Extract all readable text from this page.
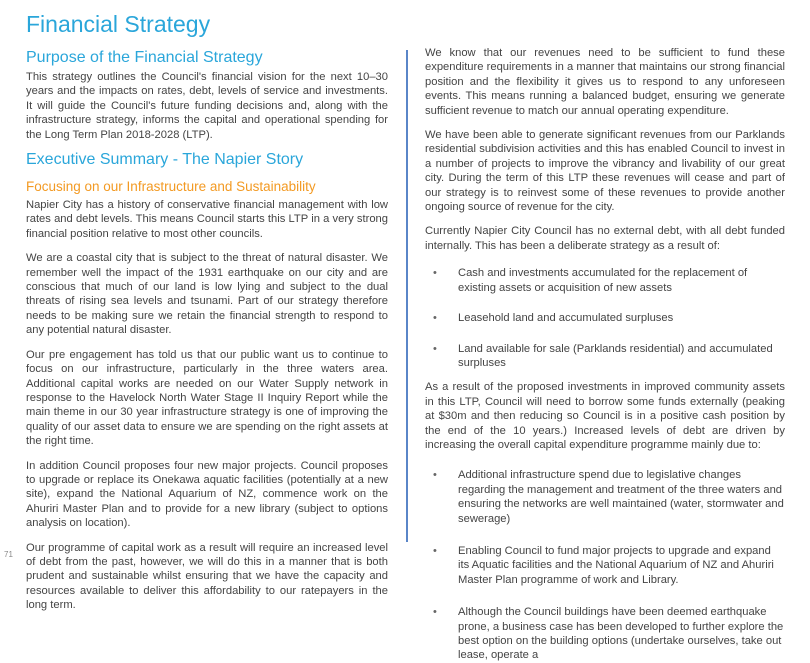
Financial Strategy
Purpose of the Financial Strategy

This strategy outlines the Council's financial vision for the next 10–30 years and the impacts on rates, debt, levels of service and investments. It will guide the Council's future funding decisions and, along with the infrastructure strategy, informs the capital and operational spending for the Long Term Plan 2018-2028 (LTP).

Executive Summary - The Napier Story
Focusing on our Infrastructure and Sustainability

Napier City has a history of conservative financial management with low rates and debt levels. This means Council starts this LTP in a very strong financial position relative to most other councils.

We are a coastal city that is subject to the threat of natural disaster. We remember well the impact of the 1931 earthquake on our city and are conscious that much of our land is low lying and subject to the dual threats of rising sea levels and tsunami. Part of our strategy therefore needs to be making sure we retain the financial strength to respond to any potential natural disaster.

Our pre engagement has told us that our public want us to continue to focus on our infrastructure, particularly in the three waters area. Additional capital works are needed on our Water Supply network in response to the Havelock North Water Stage II Inquiry Report while the main theme in our 30 year infrastructure strategy is one of improving the quality of our asset data to ensure we are spending on the right assets at the right time.

In addition Council proposes four new major projects. Council proposes to upgrade or replace its Onekawa aquatic facilities (potentially at a new site), expand the National Aquarium of NZ, commence work on the Ahuriri Master Plan and to provide for a new library (subject to options analysis on location).

Our programme of capital work as a result will require an increased level of debt from the past, however, we will do this in a manner that is both prudent and sustainable whilst ensuring that we have the capacity and resources available to deliver this affordability to our ratepayers in the long term.

We know that our revenues need to be sufficient to fund these expenditure requirements in a manner that maintains our strong financial position and the flexibility it gives us to respond to any unforeseen events. This means running a balanced budget, ensuring we generate sufficient revenue to match our annual operating expenditure.

We have been able to generate significant revenues from our Parklands residential subdivision activities and this has enabled Council to invest in a number of projects to improve the vibrancy and livability of our great city. During the term of this LTP these revenues will cease and part of our strategy is to reinvest some of these revenues to provide another ongoing source of revenue for the city.

Currently Napier City Council has no external debt, with all debt funded internally. This has been a deliberate strategy as a result of:

• Cash and investments accumulated for the replacement of existing assets or acquisition of new assets
• Leasehold land and accumulated surpluses
• Land available for sale (Parklands residential) and accumulated surpluses

As a result of the proposed investments in improved community assets in this LTP, Council will need to borrow some funds externally (peaking at $30m and then reducing so Council is in a positive cash position by the end of the 10 years.) Increased levels of debt are driven by increasing the overall capital expenditure programme mainly due to:

• Additional infrastructure spend due to legislative changes regarding the management and treatment of the three waters and ensuring the networks are well maintained (water, stormwater and sewerage)
• Enabling Council to fund major projects to upgrade and expand its Aquatic facilities and the National Aquarium of NZ and Ahuriri Master Plan programme of work and Library.
• Although the Council buildings have been deemed earthquake prone, a business case has been developed to further explore the best option on the building options (undertake ourselves, take out lease, operate a
71
